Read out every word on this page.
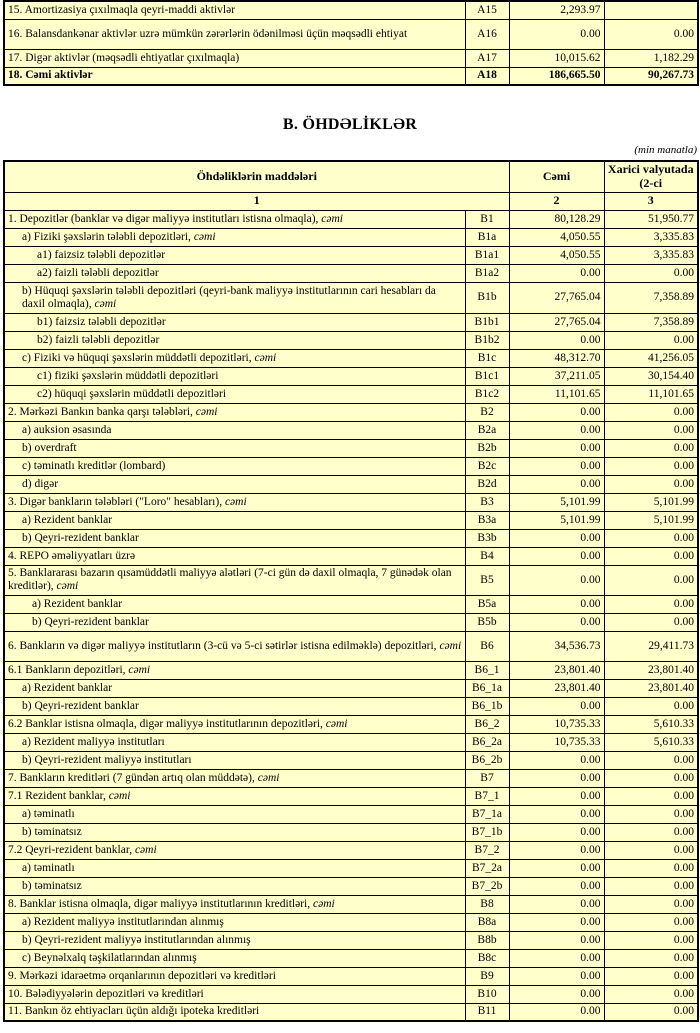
15. Amortizasiya çıxılmaqla qeyri-maddi aktivlər	A15	2,293.97	
16. Balansdankənar aktivlər uzrə mümkün zərərlərin ödənilməsi üçün məqsədli ehtiyat	A16	0.00	0.00
17. Digər aktivlər (məqsədli ehtiyatlar çıxılmaqla)	A17	10,015.62	1,182.29
18. Cəmi aktivlər	A18	186,665.50	90,267.73
B. ÖHDƏLİKLƏR
(min manatla)
Öhdəliklərin maddələri		Cəmi	Xarici valyutada (2-ci
1		2	3
1. Depozitlər (banklar və digər maliyyə institutları istisna olmaqla), cəmi	B1	80,128.29	51,950.77
a) Fiziki şəxslərin tələbli depozitləri, cəmi	B1a	4,050.55	3,335.83
a1) faizsiz tələbli depozitlər	B1a1	4,050.55	3,335.83
a2) faizli tələbli depozitlər	B1a2	0.00	0.00
b) Hüquqi şəxslərin tələbli depozitləri (qeyri-bank maliyyə institutlarının cari hesabları da daxil olmaqla), cəmi	B1b	27,765.04	7,358.89
b1) faizsiz tələbli depozitlər	B1b1	27,765.04	7,358.89
b2) faizli tələbli depozitlər	B1b2	0.00	0.00
c) Fiziki və hüquqi şəxslərin müddətli depozitləri, cəmi	B1c	48,312.70	41,256.05
c1) fiziki şəxslərin müddətli depozitləri	B1c1	37,211.05	30,154.40
c2) hüquqi şəxslərin müddətli depozitləri	B1c2	11,101.65	11,101.65
2. Mərkəzi Bankın banka qarşı tələbləri, cəmi	B2	0.00	0.00
a) auksion əsasında	B2a	0.00	0.00
b) overdraft	B2b	0.00	0.00
c) təminatlı kreditlər (lombard)	B2c	0.00	0.00
d) digər	B2d	0.00	0.00
3. Digər bankların tələbləri ("Loro" hesabları), cəmi	B3	5,101.99	5,101.99
a) Rezident banklar	B3a	5,101.99	5,101.99
b) Qeyri-rezident banklar	B3b	0.00	0.00
4. REPO əməliyyatları üzrə	B4	0.00	0.00
5. Banklararası bazarın qısamüddətli maliyyə alətləri (7-ci gün də daxil olmaqla, 7 günədək olan kreditlər), cəmi	B5	0.00	0.00
a) Rezident banklar	B5a	0.00	0.00
b) Qeyri-rezident banklar	B5b	0.00	0.00
6. Bankların və digər maliyyə institutların (3-cü və 5-ci sətirlər istisna edilməklə) depozitləri, cəmi	B6	34,536.73	29,411.73
6.1 Bankların depozitləri, cəmi	B6_1	23,801.40	23,801.40
a) Rezident banklar	B6_1a	23,801.40	23,801.40
b) Qeyri-rezident banklar	B6_1b	0.00	0.00
6.2 Banklar istisna olmaqla, digər maliyyə institutlarının depozitləri, cəmi	B6_2	10,735.33	5,610.33
a) Rezident maliyyə institutları	B6_2a	10,735.33	5,610.33
b) Qeyri-rezident maliyyə institutları	B6_2b	0.00	0.00
7. Bankların kreditləri (7 gündən artıq olan müddətə), cəmi	B7	0.00	0.00
7.1 Rezident banklar, cəmi	B7_1	0.00	0.00
a) təminatlı	B7_1a	0.00	0.00
b) təminatsız	B7_1b	0.00	0.00
7.2 Qeyri-rezident banklar, cəmi	B7_2	0.00	0.00
a) təminatlı	B7_2a	0.00	0.00
b) təminatsız	B7_2b	0.00	0.00
8. Banklar istisna olmaqla, digər maliyyə institutlarının kreditləri, cəmi	B8	0.00	0.00
a) Rezident maliyyə institutlarından alınmış	B8a	0.00	0.00
b) Qeyri-rezident maliyyə institutlarından alınmış	B8b	0.00	0.00
c) Beynəlxalq təşkilatlarından alınmış	B8c	0.00	0.00
9. Mərkəzi idarəetmə orqanlarının depozitləri və kreditləri	B9	0.00	0.00
10. Bələdiyyələrin depozitləri və kreditləri	B10	0.00	0.00
11. Bankın öz ehtiyacları üçün aldığı ipoteka kreditləri	B11	0.00	0.00
